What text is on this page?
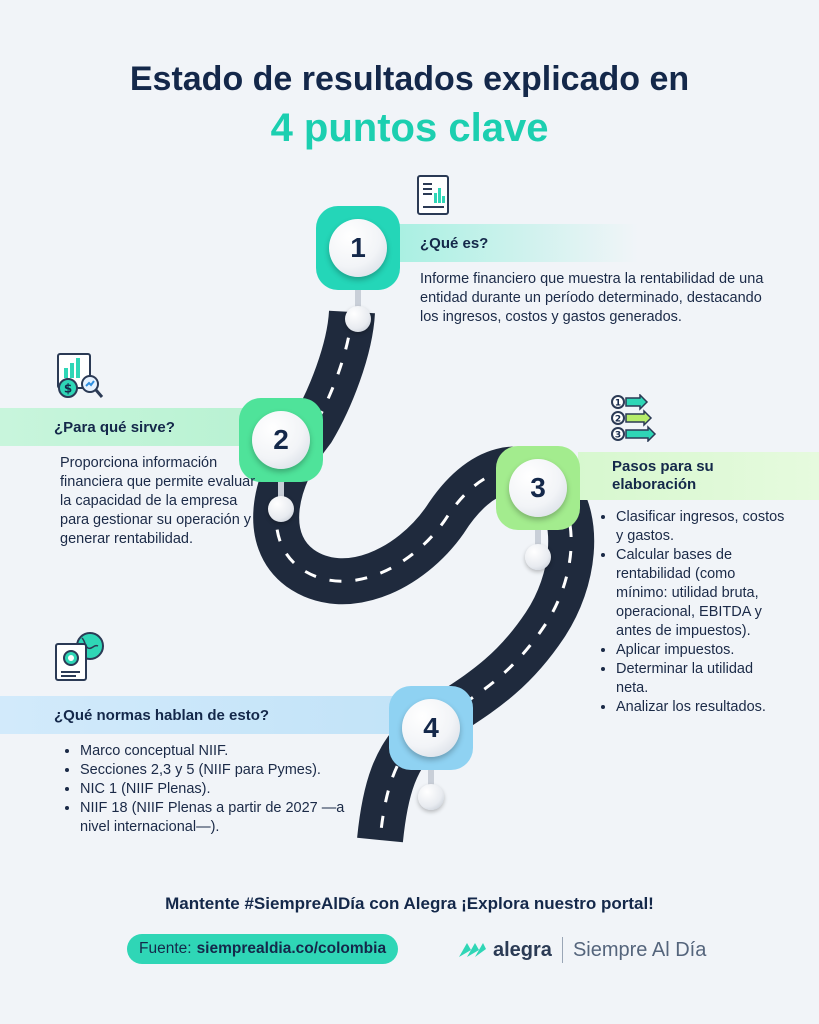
Estado de resultados explicado en
4 puntos clave
¿Qué es?
1
Informe financiero que muestra la rentabilidad de una entidad durante un período determinado, destacando los ingresos, costos y gastos generados.
¿Para qué sirve?	2
$
Proporciona información financiera que permite evaluar la capacidad de la empresa para gestionar su operación y generar rentabilidad.
Pasos para su elaboración
3
1
2
3
• Clasificar ingresos, costos y gastos.
• Calcular bases de rentabilidad (como mínimo: utilidad bruta, operacional, EBITDA y antes de impuestos).
• Aplicar impuestos.
• Determinar la utilidad neta.
• Analizar los resultados.
¿Qué normas hablan de esto?	4
• Marco conceptual NIIF.
• Secciones 2,3 y 5 (NIIF para Pymes).
• NIC 1 (NIIF Plenas).
• NIIF 18 (NIIF Plenas a partir de 2027 —a nivel internacional—).
Mantente #SiempreAlDía con Alegra ¡Explora nuestro portal!
Fuente: siemprealdia.co/colombia	alegra Siempre Al Día
